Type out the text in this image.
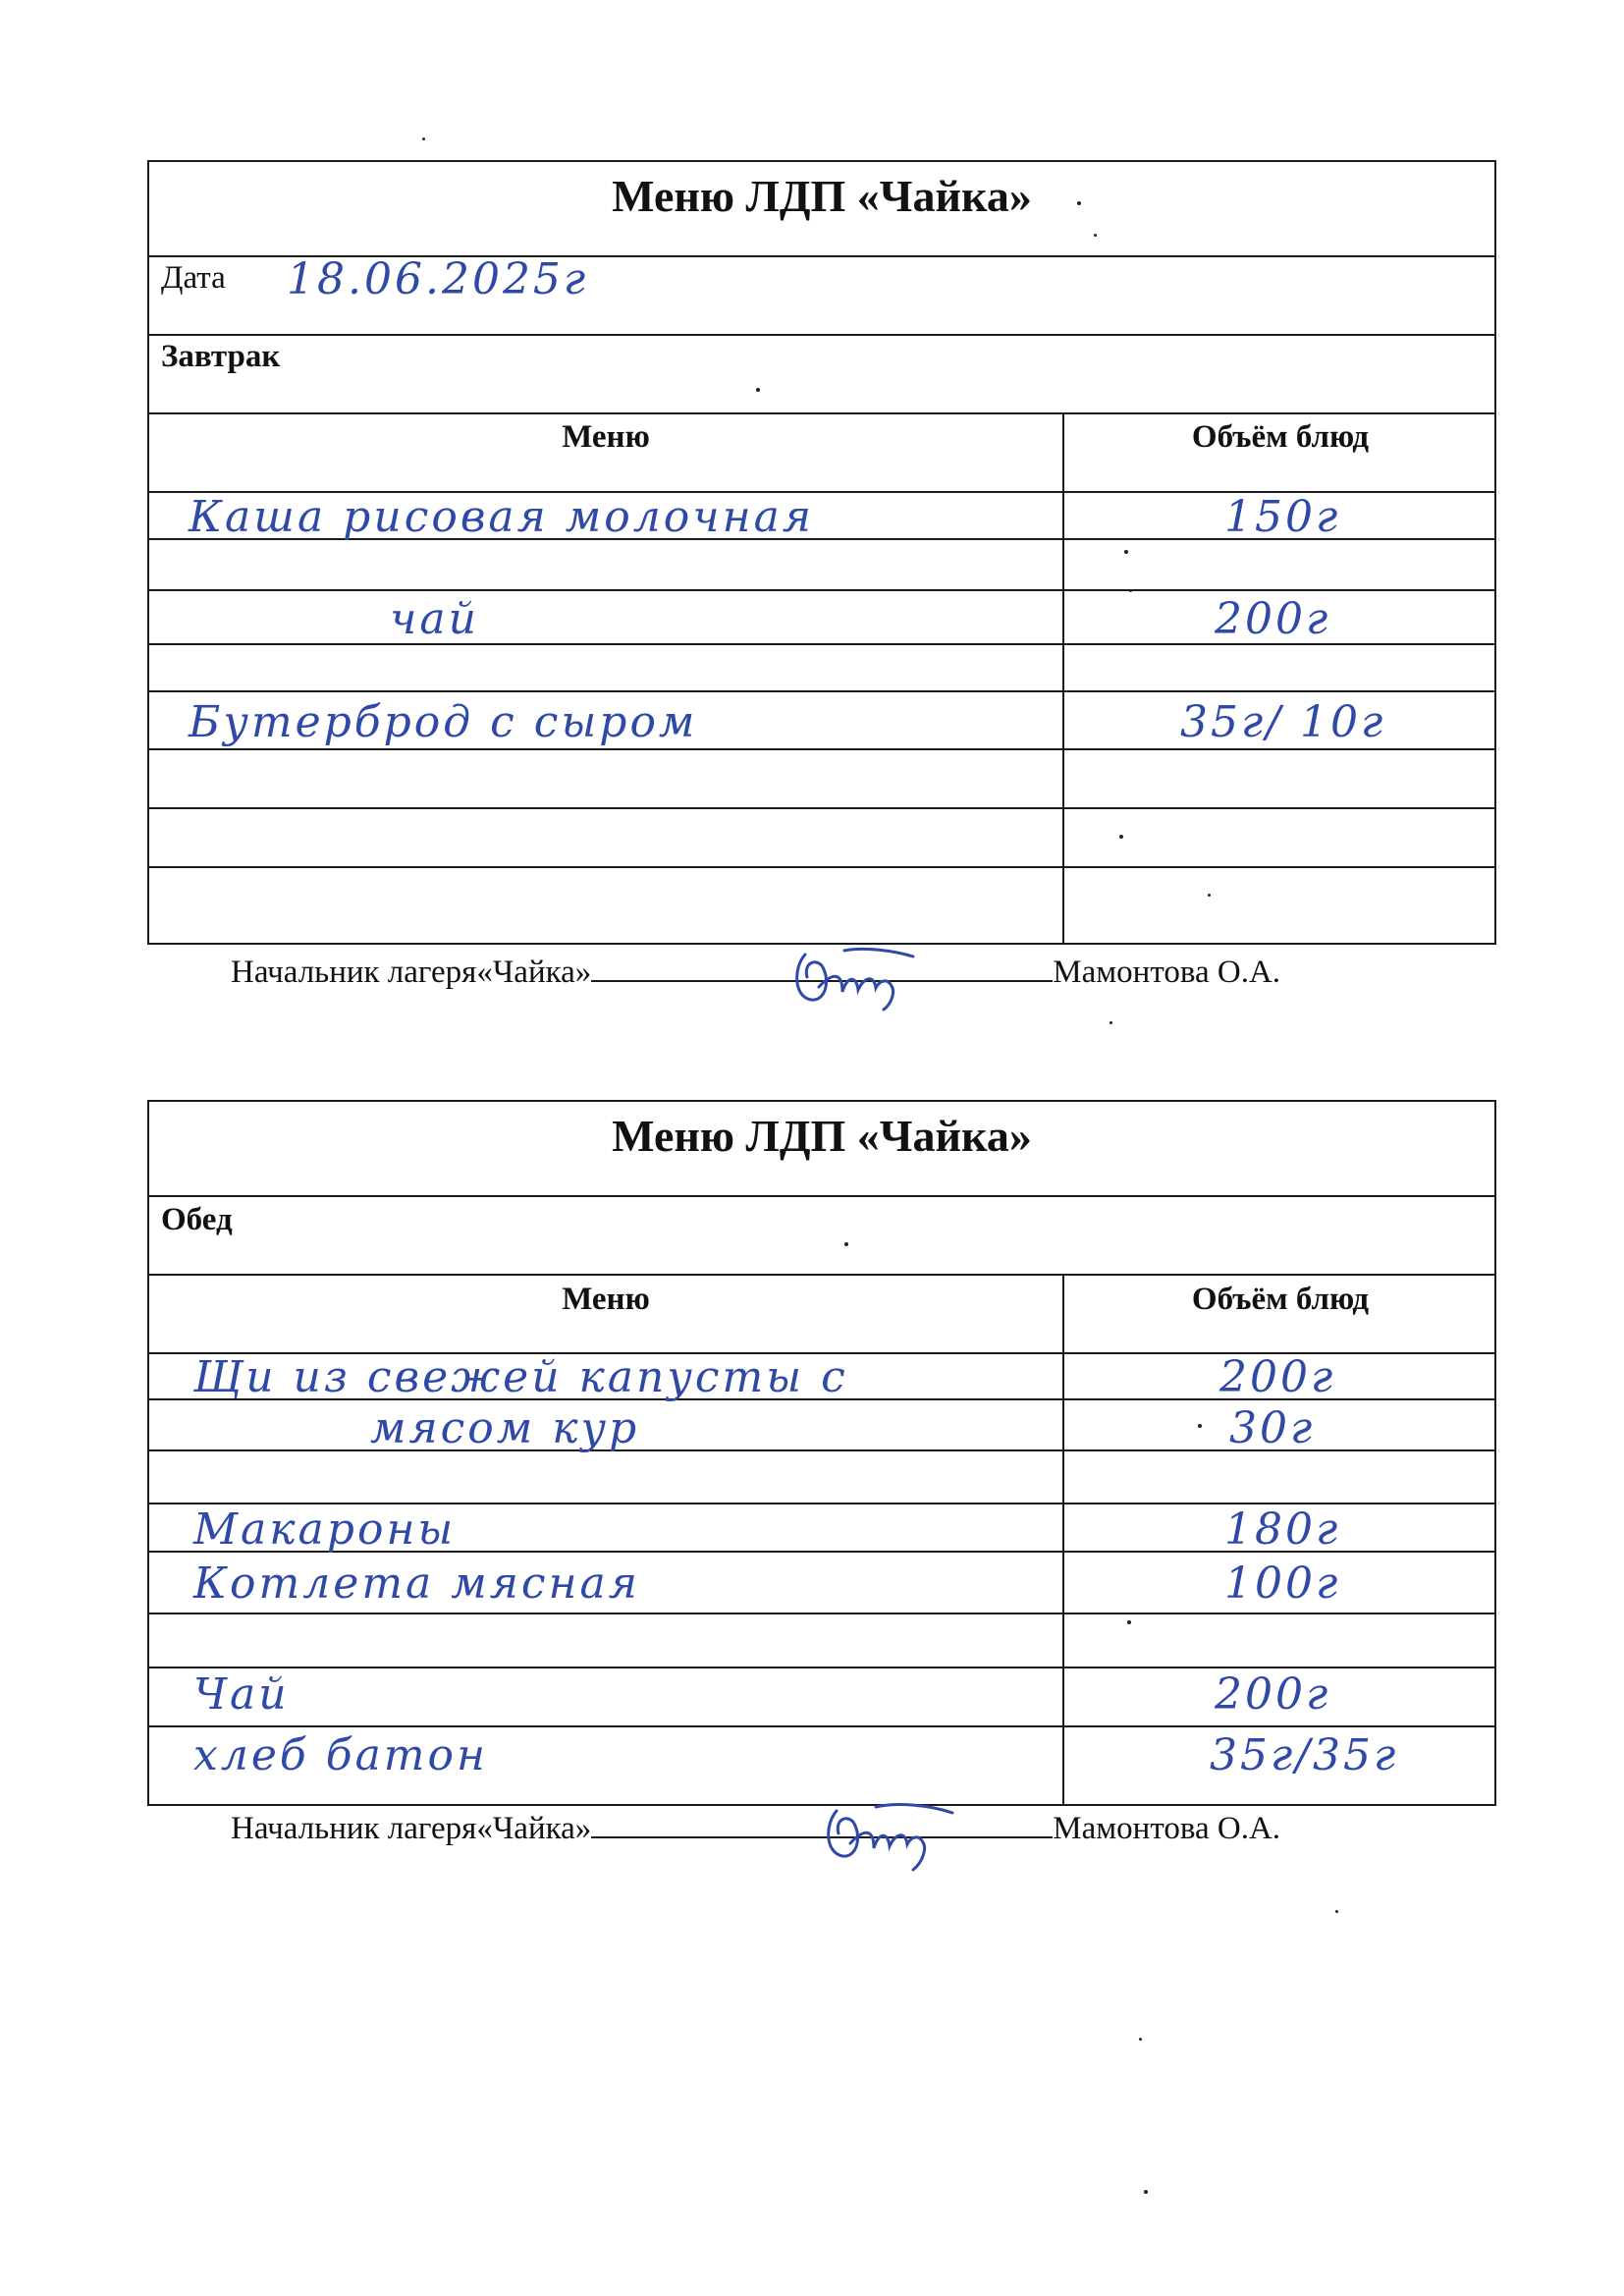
Меню ЛДП «Чайка»
Дата 18.06.2025г
Завтрак
Меню	Объём блюд
Каша рисовая молочная	150г
чай	200г
Бутерброд с сыром	35г/ 10г
Начальник лагеря«Чайка»	Мамонтова О.А.
Меню ЛДП «Чайка»
Обед
Меню	Объём блюд
Щи из свежей капусты с	200г
мясом кур	30г
Макароны	180г
Котлета мясная	100г
Чай	200г
хлеб батон	35г/35г
Начальник лагеря«Чайка»	Мамонтова О.А.
